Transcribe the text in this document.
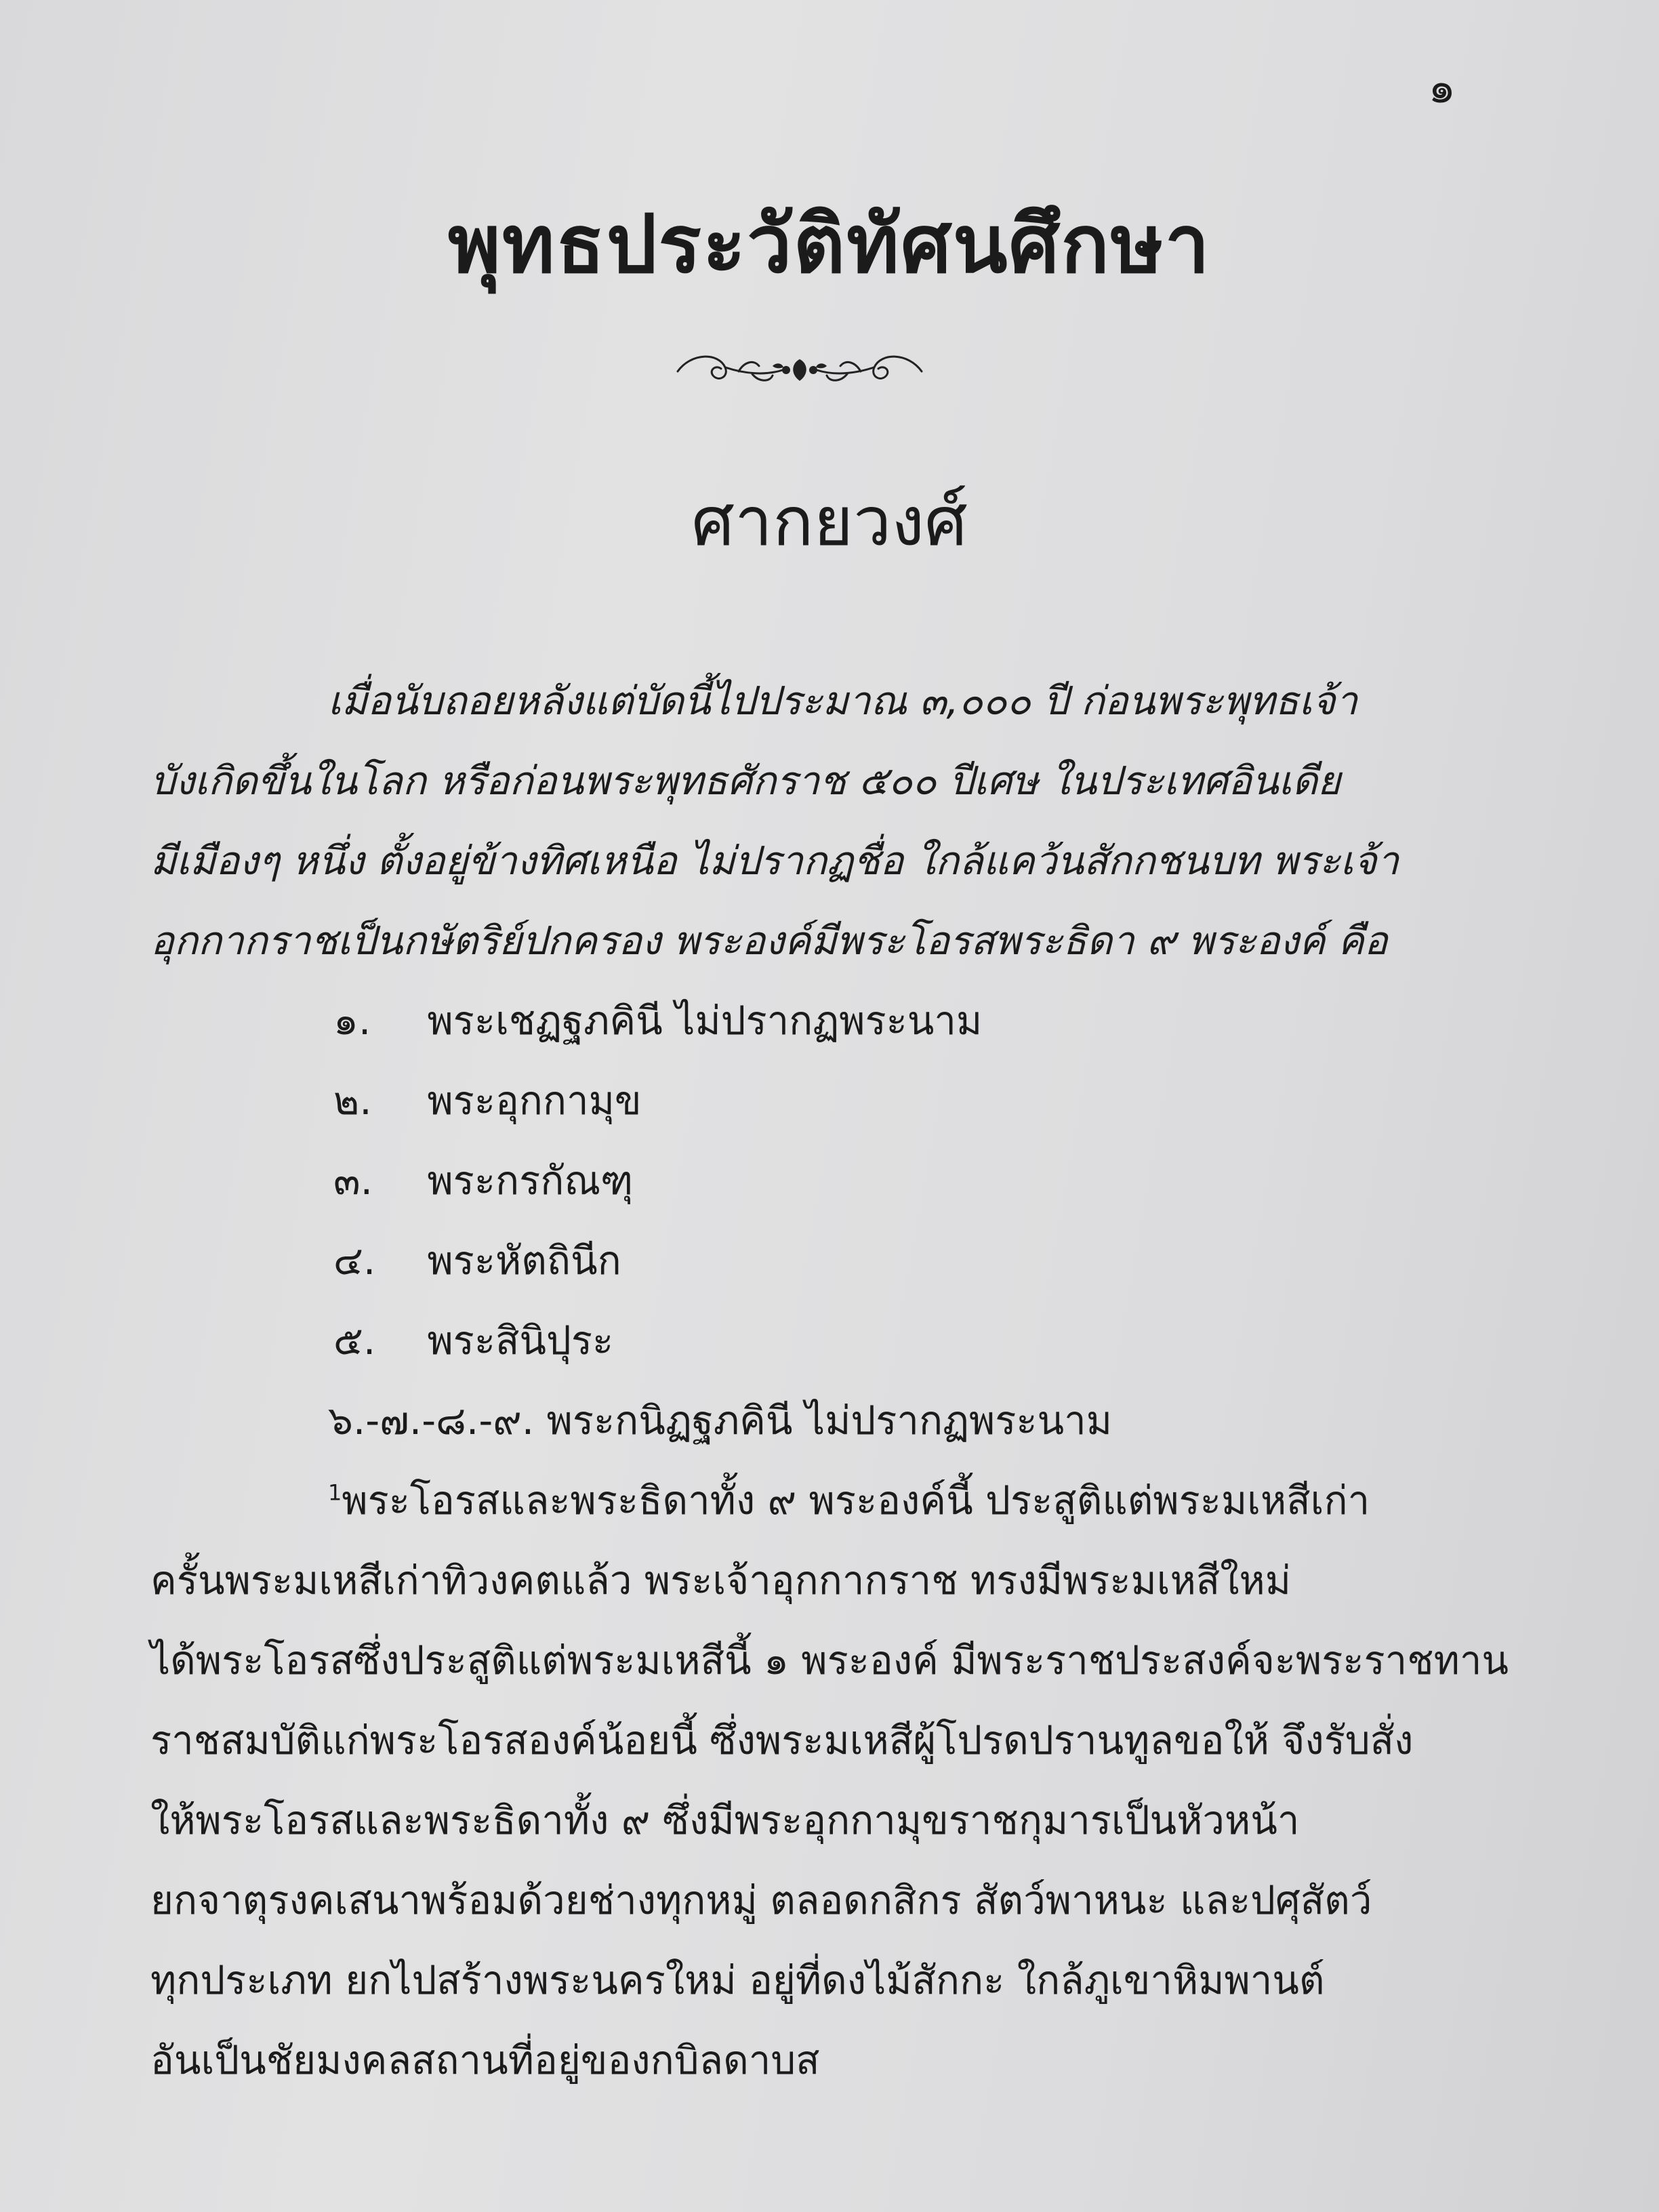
๑
พุทธประวัติทัศนศึกษา
ศากยวงศ์
เมื่อนับถอยหลังแต่บัดนี้ไปประมาณ ๓,๐๐๐ ปี ก่อนพระพุทธเจ้า
บังเกิดขึ้นในโลก หรือก่อนพระพุทธศักราช ๕๐๐ ปีเศษ ในประเทศอินเดีย
มีเมืองๆ หนึ่ง ตั้งอยู่ข้างทิศเหนือ ไม่ปรากฏชื่อ ใกล้แคว้นสักกชนบท พระเจ้า
อุกกากราชเป็นกษัตริย์ปกครอง พระองค์มีพระโอรสพระธิดา ๙ พระองค์ คือ
๑. พระเชฏฐภคินี ไม่ปรากฏพระนาม
๒. พระอุกกามุข
๓. พระกรกัณฑุ
๔. พระหัตถินีก
๕. พระสินิปุระ
๖.-๗.-๘.-๙. พระกนิฏฐภคินี ไม่ปรากฏพระนาม
$^1$พระโอรสและพระธิดาทั้ง ๙ พระองค์นี้ ประสูติแต่พระมเหสีเก่า
ครั้นพระมเหสีเก่าทิวงคตแล้ว พระเจ้าอุกกากราช ทรงมีพระมเหสีใหม่
ได้พระโอรสซึ่งประสูติแต่พระมเหสีนี้ ๑ พระองค์ มีพระราชประสงค์จะพระราชทาน
ราชสมบัติแก่พระโอรสองค์น้อยนี้ ซึ่งพระมเหสีผู้โปรดปรานทูลขอให้ จึงรับสั่ง
ให้พระโอรสและพระธิดาทั้ง ๙ ซึ่งมีพระอุกกามุขราชกุมารเป็นหัวหน้า
ยกจาตุรงคเสนาพร้อมด้วยช่างทุกหมู่ ตลอดกสิกร สัตว์พาหนะ และปศุสัตว์
ทุกประเภท ยกไปสร้างพระนครใหม่ อยู่ที่ดงไม้สักกะ ใกล้ภูเขาหิมพานต์
อันเป็นชัยมงคลสถานที่อยู่ของกบิลดาบส
